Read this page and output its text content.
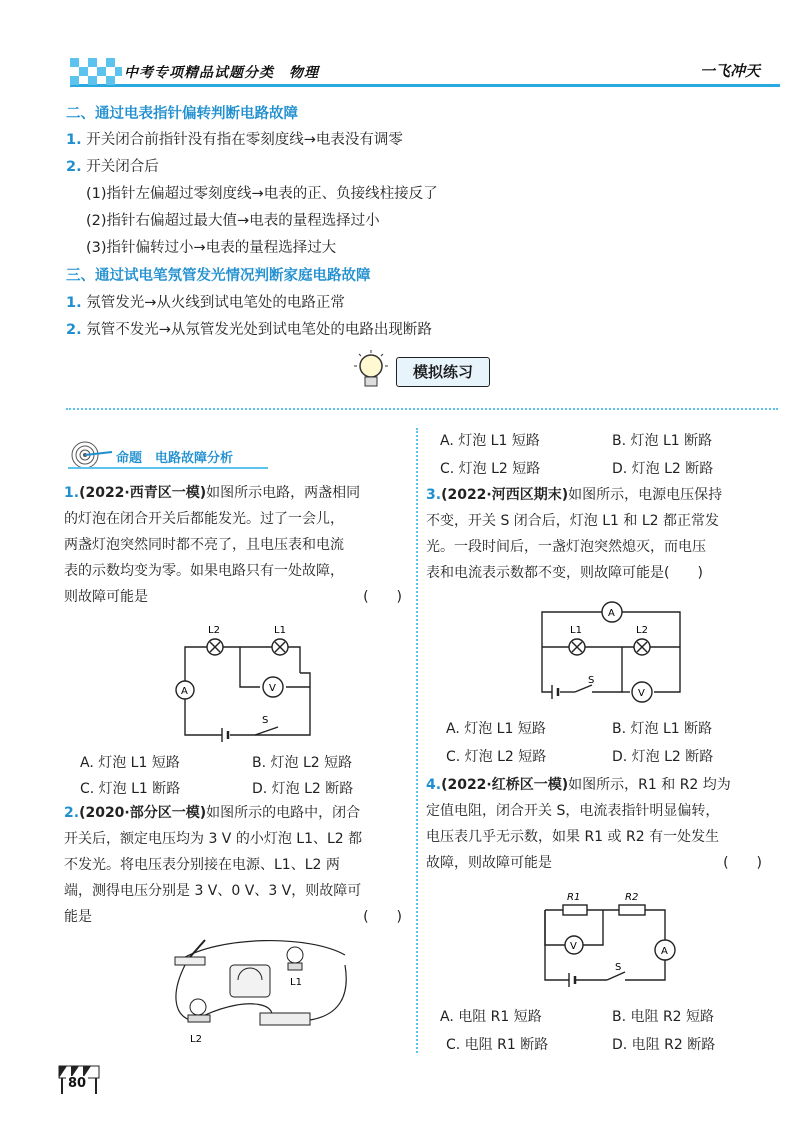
中考专项精品试题分类　物理	一飞冲天
二、通过电表指针偏转判断电路故障
1. 开关闭合前指针没有指在零刻度线→电表没有调零
2. 开关闭合后
(1)指针左偏超过零刻度线→电表的正、负接线柱接反了
(2)指针右偏超过最大值→电表的量程选择过小
(3)指针偏转过小→电表的量程选择过大
三、通过试电笔氖管发光情况判断家庭电路故障
1. 氖管发光→从火线到试电笔处的电路正常
2. 氖管不发光→从氖管发光处到试电笔处的电路出现断路
模拟练习
命题　电路故障分析
1.(2022·西青区一模)如图所示电路，两盏相同
的灯泡在闭合开关后都能发光。过了一会儿，
两盏灯泡突然同时都不亮了，且电压表和电流
表的示数均变为零。如果电路只有一处故障，
则故障可能是	(　　)
L2	L1
A	V
S
A. 灯泡 L1 短路	B. 灯泡 L2 短路
C. 灯泡 L1 断路	D. 灯泡 L2 断路
2.(2020·部分区一模)如图所示的电路中，闭合
开关后，额定电压均为 3 V 的小灯泡 L1、L2 都
不发光。将电压表分别接在电源、L1、L2 两
端，测得电压分别是 3 V、0 V、3 V，则故障可
能是	(　　)
L1
L2
A. 灯泡 L1 短路	B. 灯泡 L1 断路
C. 灯泡 L2 短路	D. 灯泡 L2 断路
3.(2022·河西区期末)如图所示，电源电压保持
不变，开关 S 闭合后，灯泡 L1 和 L2 都正常发
光。一段时间后，一盏灯泡突然熄灭，而电压
表和电流表示数都不变，则故障可能是(　　)
A
L1	L2
S
V
A. 灯泡 L1 短路	B. 灯泡 L1 断路
C. 灯泡 L2 短路	D. 灯泡 L2 断路
4.(2022·红桥区一模)如图所示，R1 和 R2 均为
定值电阻，闭合开关 S，电流表指针明显偏转，
电压表几乎无示数，如果 R1 或 R2 有一处发生
故障，则故障可能是	(　　)
R1	R2
V	A
S
A. 电阻 R1 短路	B. 电阻 R2 短路
C. 电阻 R1 断路	D. 电阻 R2 断路
80
